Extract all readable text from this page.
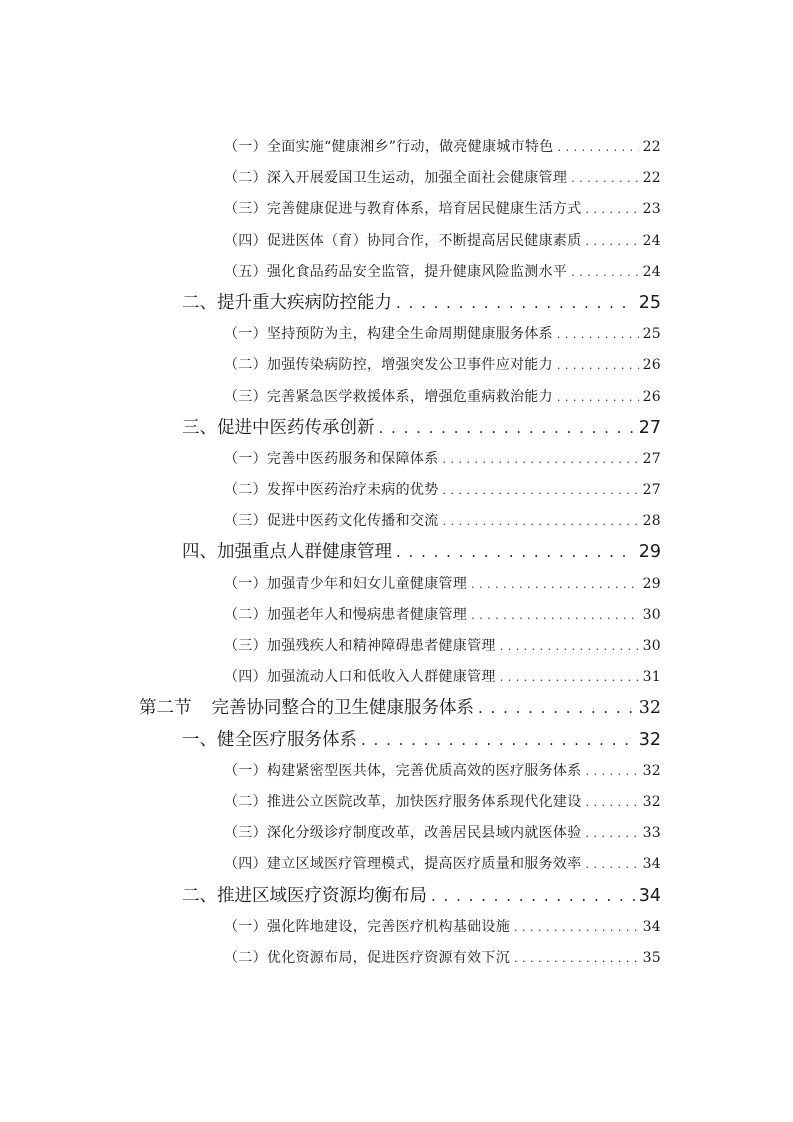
（一）全面实施“健康湘乡”行动，做亮健康城市特色 . . .	22
（二）深入开展爱国卫生运动，加强全面社会健康管理 . . .	22
（三）完善健康促进与教育体系，培育居民健康生活方式 . . .	23
（四）促进医体（育）协同合作，不断提高居民健康素质 . . .	24
（五）强化食品药品安全监管，提升健康风险监测水平 . . .	24
二、提升重大疾病防控能力 . . .	25
（一）坚持预防为主，构建全生命周期健康服务体系 . . .	25
（二）加强传染病防控，增强突发公卫事件应对能力 . . .	26
（三）完善紧急医学救援体系，增强危重病救治能力 . . .	26
三、促进中医药传承创新 . . .	27
（一）完善中医药服务和保障体系 . . .	27
（二）发挥中医药治疗未病的优势 . . .	27
（三）促进中医药文化传播和交流 . . .	28
四、加强重点人群健康管理 . . .	29
（一）加强青少年和妇女儿童健康管理 . . .	29
（二）加强老年人和慢病患者健康管理 . . .	30
（三）加强残疾人和精神障碍患者健康管理 . . .	30
（四）加强流动人口和低收入人群健康管理 . . .	31
第二节 完善协同整合的卫生健康服务体系 . . .	32
一、健全医疗服务体系 . . .	32
（一）构建紧密型医共体，完善优质高效的医疗服务体系 . . .	32
（二）推进公立医院改革，加快医疗服务体系现代化建设 . . .	32
（三）深化分级诊疗制度改革，改善居民县域内就医体验 . . .	33
（四）建立区域医疗管理模式，提高医疗质量和服务效率 . . .	34
二、推进区域医疗资源均衡布局 . . .	34
（一）强化阵地建设，完善医疗机构基础设施 . . .	34
（二）优化资源布局，促进医疗资源有效下沉 . . .	35
